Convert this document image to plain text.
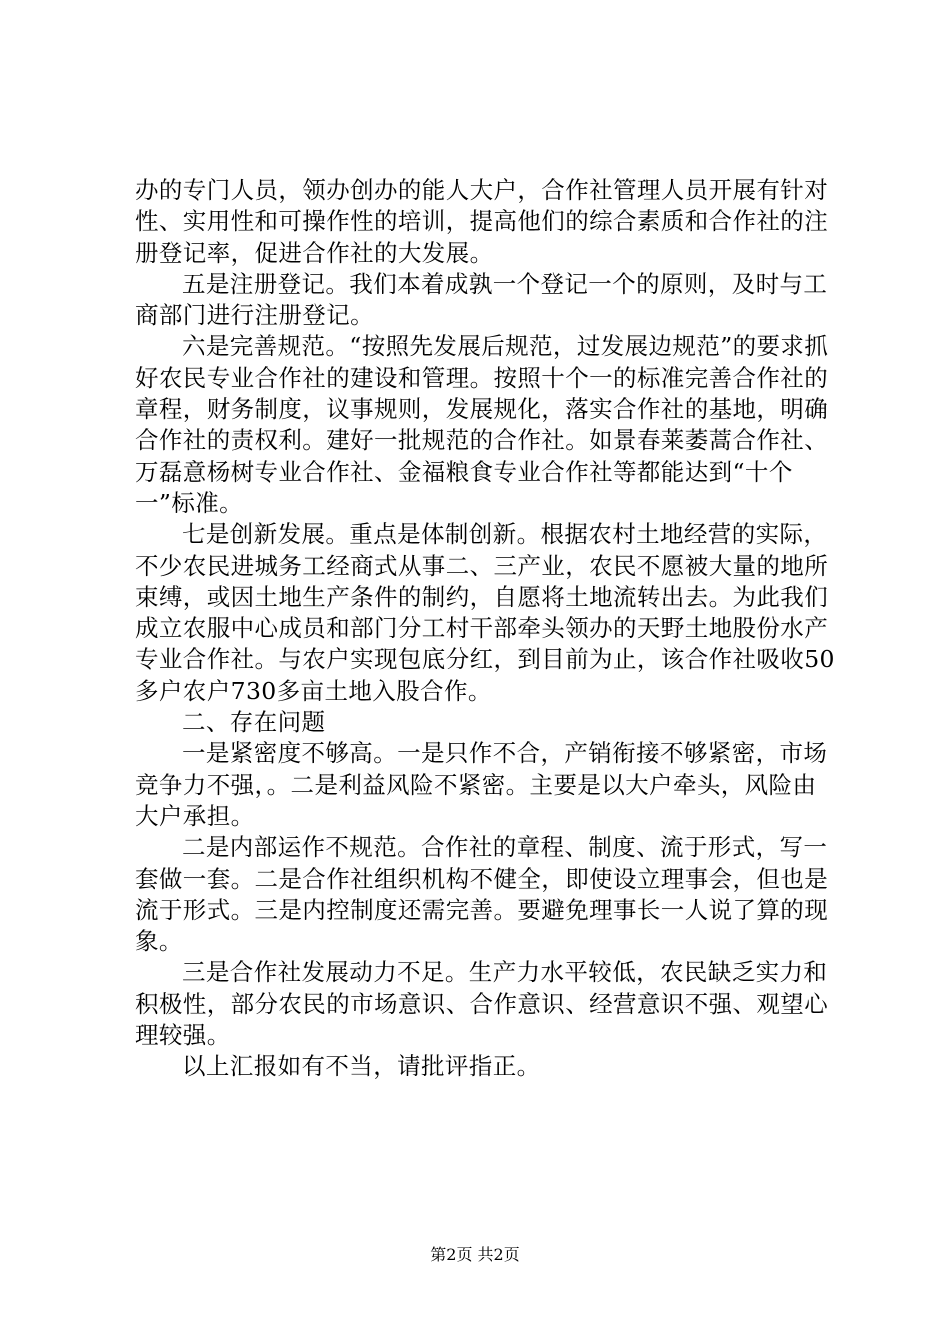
办的专门人员，领办创办的能人大户，合作社管理人员开展有针对性、实用性和可操作性的培训，提高他们的综合素质和合作社的注册登记率，促进合作社的大发展。

五是注册登记。我们本着成孰一个登记一个的原则，及时与工商部门进行注册登记。

六是完善规范。“按照先发展后规范，过发展边规范”的要求抓好农民专业合作社的建设和管理。按照十个一的标准完善合作社的章程，财务制度，议事规则，发展规化，落实合作社的基地，明确合作社的责权利。建好一批规范的合作社。如景春莱萎蒿合作社、万磊意杨树专业合作社、金福粮食专业合作社等都能达到“十个一”标准。

七是创新发展。重点是体制创新。根据农村土地经营的实际，不少农民进城务工经商式从事二、三产业，农民不愿被大量的地所束缚，或因土地生产条件的制约，自愿将土地流转出去。为此我们成立农服中心成员和部门分工村干部牵头领办的天野土地股份水产专业合作社。与农户实现包底分红，到目前为止，该合作社吸收50多户农户730多亩土地入股合作。

二、存在问题

一是紧密度不够高。一是只作不合，产销衔接不够紧密，市场竞争力不强，。二是利益风险不紧密。主要是以大户牵头，风险由大户承担。

二是内部运作不规范。合作社的章程、制度、流于形式，写一套做一套。二是合作社组织机构不健全，即使设立理事会，但也是流于形式。三是内控制度还需完善。要避免理事长一人说了算的现象。

三是合作社发展动力不足。生产力水平较低，农民缺乏实力和积极性，部分农民的市场意识、合作意识、经营意识不强、观望心理较强。

以上汇报如有不当，请批评指正。

第2页 共2页
